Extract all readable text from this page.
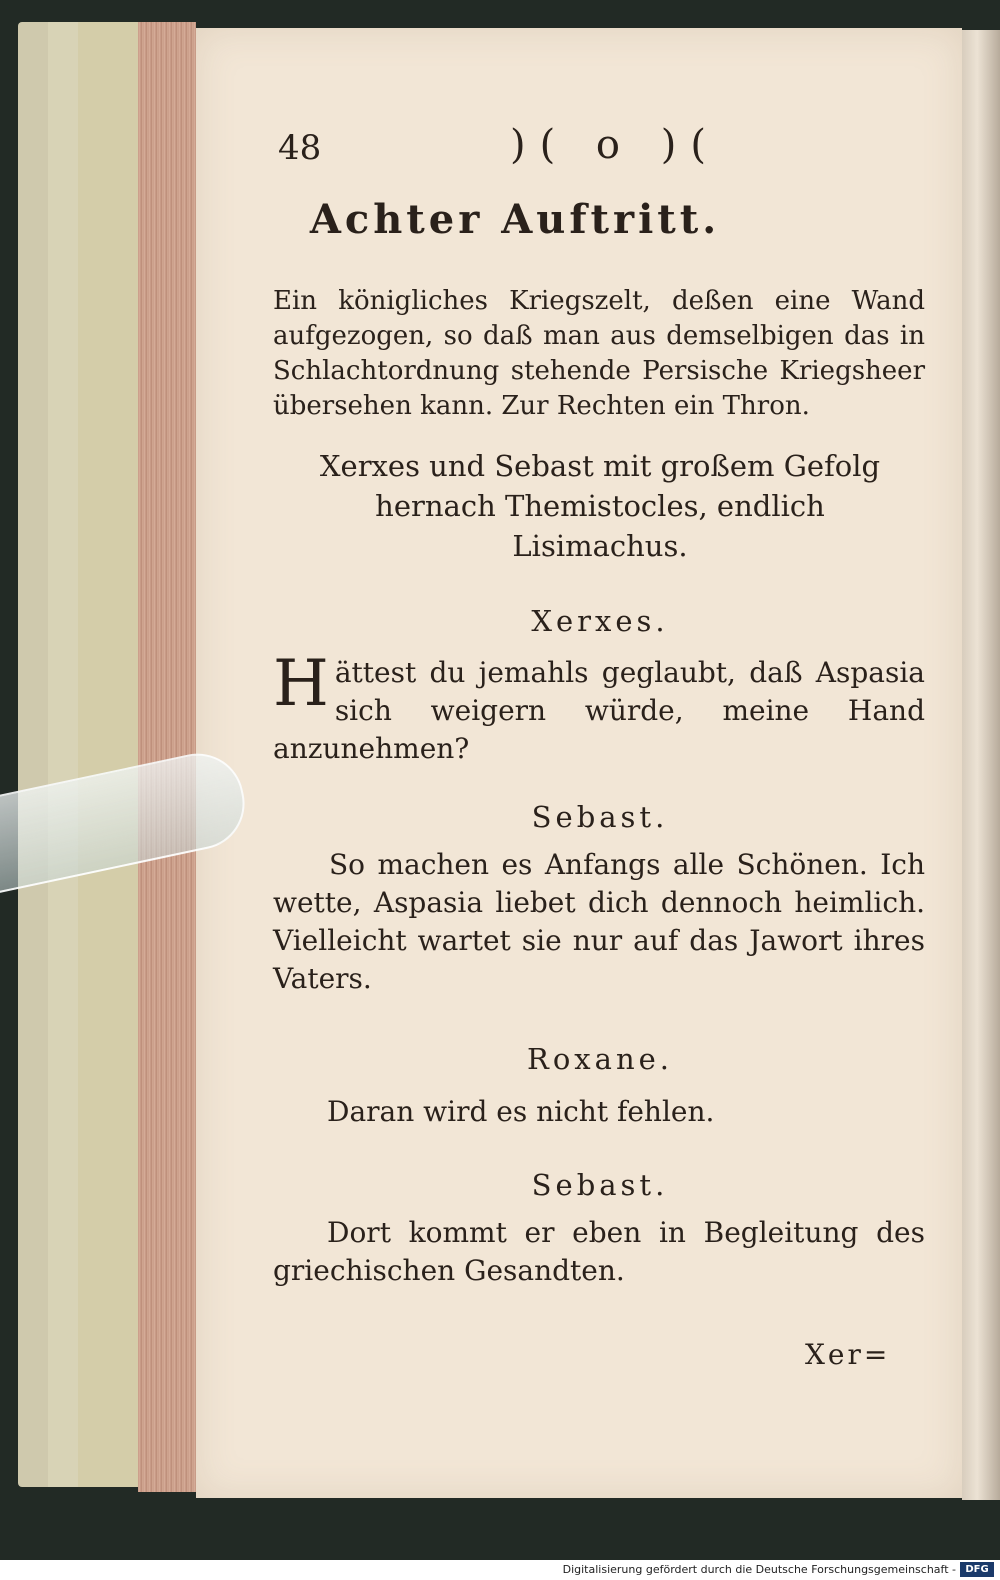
48	)( o )(
Achter Auftritt.
Ein königliches Kriegszelt, deßen eine Wand aufgezogen, so daß man aus demselbigen das in Schlachtordnung stehende Persische Kriegsheer übersehen kann. Zur Rechten ein Thron.
Xerxes und Sebast mit großem Gefolg hernach Themistocles, endlich Lisimachus.
Xerxes.
Hättest du jemahls geglaubt, daß Aspasia sich weigern würde, meine Hand anzunehmen?
Sebast.
So machen es Anfangs alle Schönen. Ich wette, Aspasia liebet dich dennoch heimlich. Vielleicht wartet sie nur auf das Jawort ihres Vaters.
Roxane.
Daran wird es nicht fehlen.
Sebast.
Dort kommt er eben in Begleitung des griechischen Gesandten.
Xer=
Digitalisierung gefördert durch die Deutsche Forschungsgemeinschaft - DFG
